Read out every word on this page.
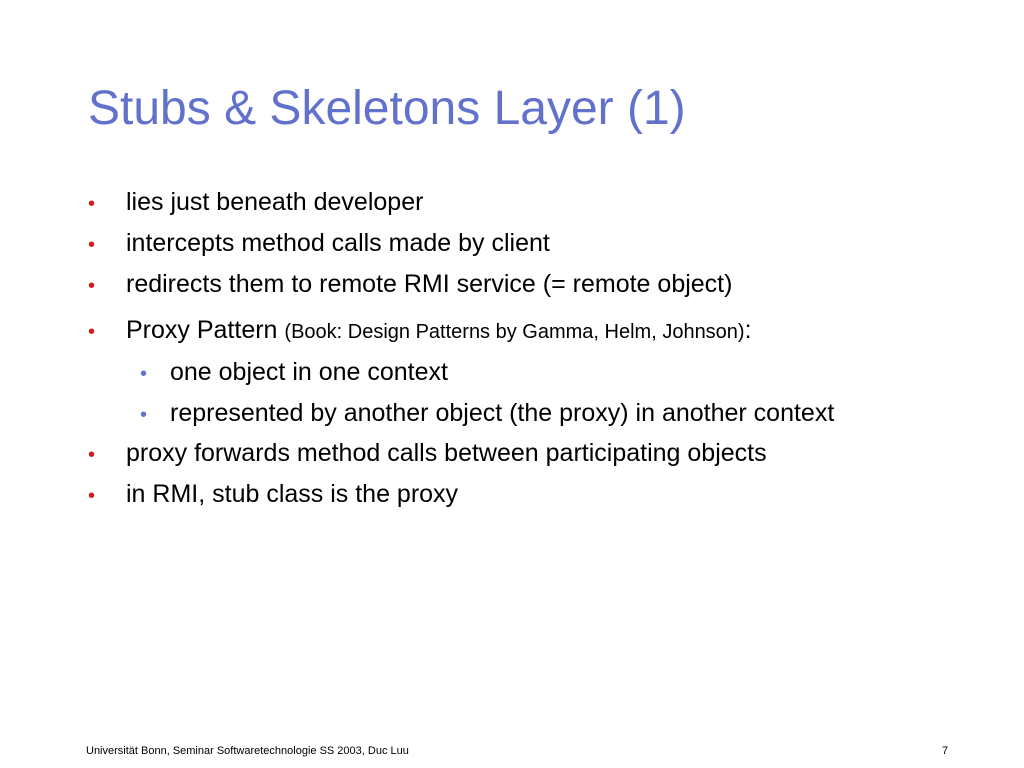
Stubs & Skeletons Layer (1)
• lies just beneath developer
• intercepts method calls made by client
• redirects them to remote RMI service (= remote object)
• Proxy Pattern (Book: Design Patterns by Gamma, Helm, Johnson) :
• one object in one context
• represented by another object (the proxy) in another context
• proxy forwards method calls between participating objects
• in RMI, stub class is the proxy
Universität Bonn, Seminar Softwaretechnologie SS 2003, Duc Luu	7
